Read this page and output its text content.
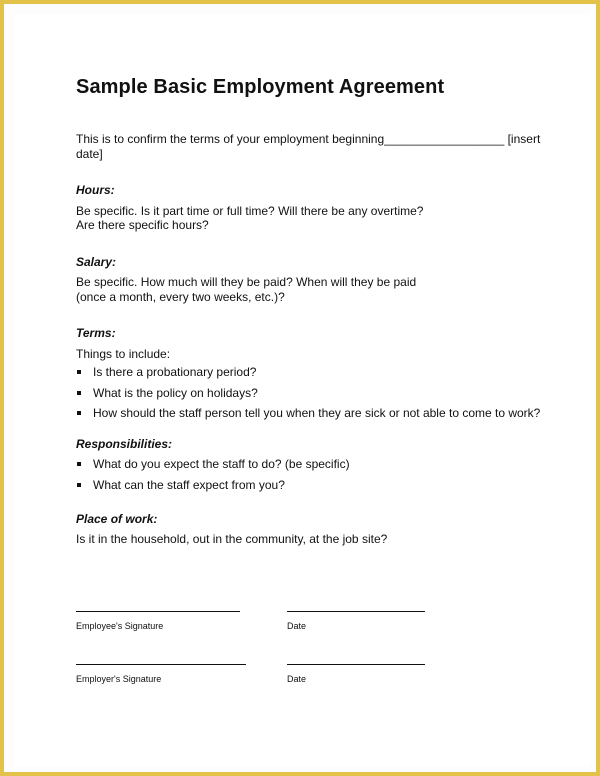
Sample Basic Employment Agreement

This is to confirm the terms of your employment beginning__________________ [insert date]

Hours:

Be specific. Is it part time or full time? Will there be any overtime?

Are there specific hours?

Salary:

Be specific. How much will they be paid? When will they be paid

(once a month, every two weeks, etc.)?

Terms:

Things to include:

Is there a probationary period?
What is the policy on holidays?
How should the staff person tell you when they are sick or not able to come to work?
Responsibilities:
What do you expect the staff to do? (be specific)
What can the staff expect from you?
Place of work:

Is it in the household, out in the community, at the job site?

Employee's Signature	Date
Employer's Signature	Date
